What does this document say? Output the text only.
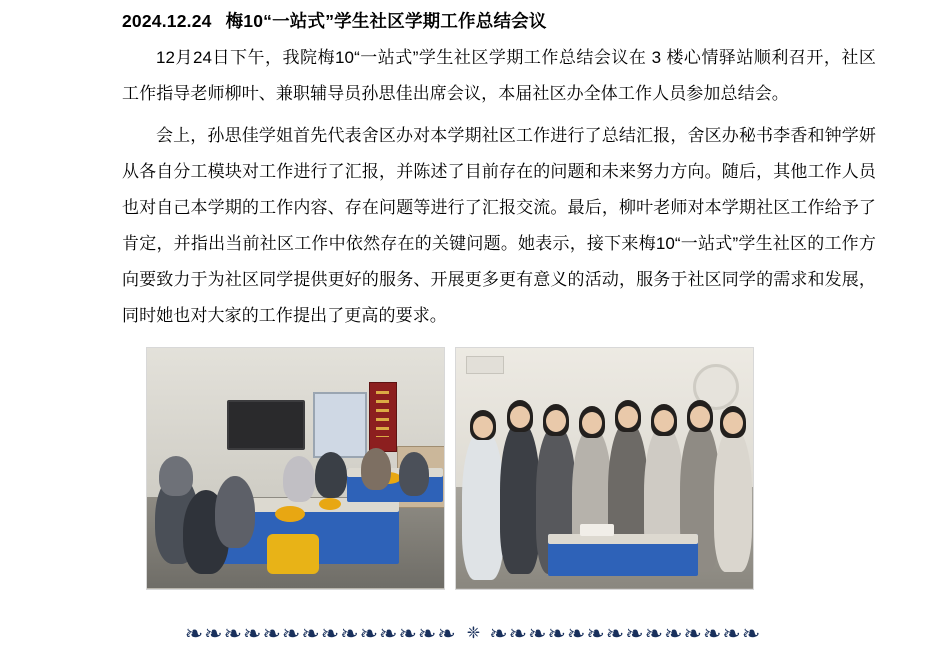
2024.12.24 梅10“一站式”学生社区学期工作总结会议

12月24日下午，我院梅10“一站式”学生社区学期工作总结会议在 3 楼心情驿站顺利召开，社区工作指导老师柳叶、兼职辅导员孙思佳出席会议，本届社区办全体工作人员参加总结会。

会上，孙思佳学姐首先代表舍区办对本学期社区工作进行了总结汇报，舍区办秘书李香和钟学妍从各自分工模块对工作进行了汇报，并陈述了目前存在的问题和未来努力方向。随后，其他工作人员也对自己本学期的工作内容、存在问题等进行了汇报交流。最后，柳叶老师对本学期社区工作给予了肯定，并指出当前社区工作中依然存在的关键问题。她表示，接下来梅10“一站式”学生社区的工作方向要致力于为社区同学提供更好的服务、开展更多更有意义的活动，服务于社区同学的需求和发展，同时她也对大家的工作提出了更高的要求。

❧❧❧❧❧❧❧❧❧❧❧❧❧❧ ❈ ❧❧❧❧❧❧❧❧❧❧❧❧❧❧
